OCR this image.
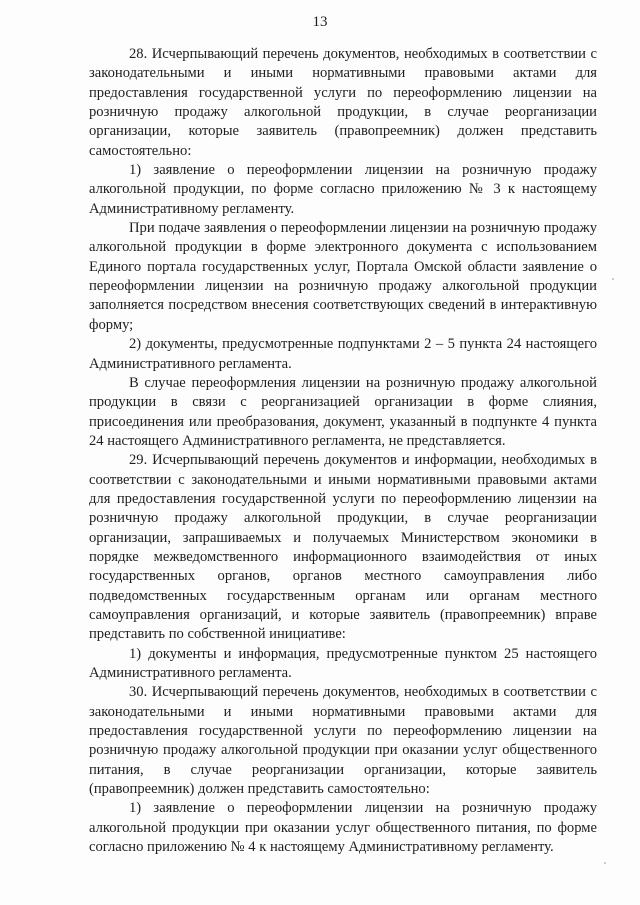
13

28. Исчерпывающий перечень документов, необходимых в соответствии с законодательными и иными нормативными правовыми актами для предоставления государственной услуги по переоформлению лицензии на розничную продажу алкогольной продукции, в случае реорганизации организации, которые заявитель (правопреемник) должен представить самостоятельно:

1) заявление о переоформлении лицензии на розничную продажу алкогольной продукции, по форме согласно приложению № 3 к настоящему Административному регламенту.

При подаче заявления о переоформлении лицензии на розничную продажу алкогольной продукции в форме электронного документа с использованием Единого портала государственных услуг, Портала Омской области заявление о переоформлении лицензии на розничную продажу алкогольной продукции заполняется посредством внесения соответствующих сведений в интерактивную форму;

2) документы, предусмотренные подпунктами 2 – 5 пункта 24 настоящего Административного регламента.

В случае переоформления лицензии на розничную продажу алкогольной продукции в связи с реорганизацией организации в форме слияния, присоединения или преобразования, документ, указанный в подпункте 4 пункта 24 настоящего Административного регламента, не представляется.

29. Исчерпывающий перечень документов и информации, необходимых в соответствии с законодательными и иными нормативными правовыми актами для предоставления государственной услуги по переоформлению лицензии на розничную продажу алкогольной продукции, в случае реорганизации организации, запрашиваемых и получаемых Министерством экономики в порядке межведомственного информационного взаимодействия от иных государственных органов, органов местного самоуправления либо подведомственных государственным органам или органам местного самоуправления организаций, и которые заявитель (правопреемник) вправе представить по собственной инициативе:

1) документы и информация, предусмотренные пунктом 25 настоящего Административного регламента.

30. Исчерпывающий перечень документов, необходимых в соответствии с законодательными и иными нормативными правовыми актами для предоставления государственной услуги по переоформлению лицензии на розничную продажу алкогольной продукции при оказании услуг общественного питания, в случае реорганизации организации, которые заявитель (правопреемник) должен представить самостоятельно:

1) заявление о переоформлении лицензии на розничную продажу алкогольной продукции при оказании услуг общественного питания, по форме согласно приложению № 4 к настоящему Административному регламенту.
